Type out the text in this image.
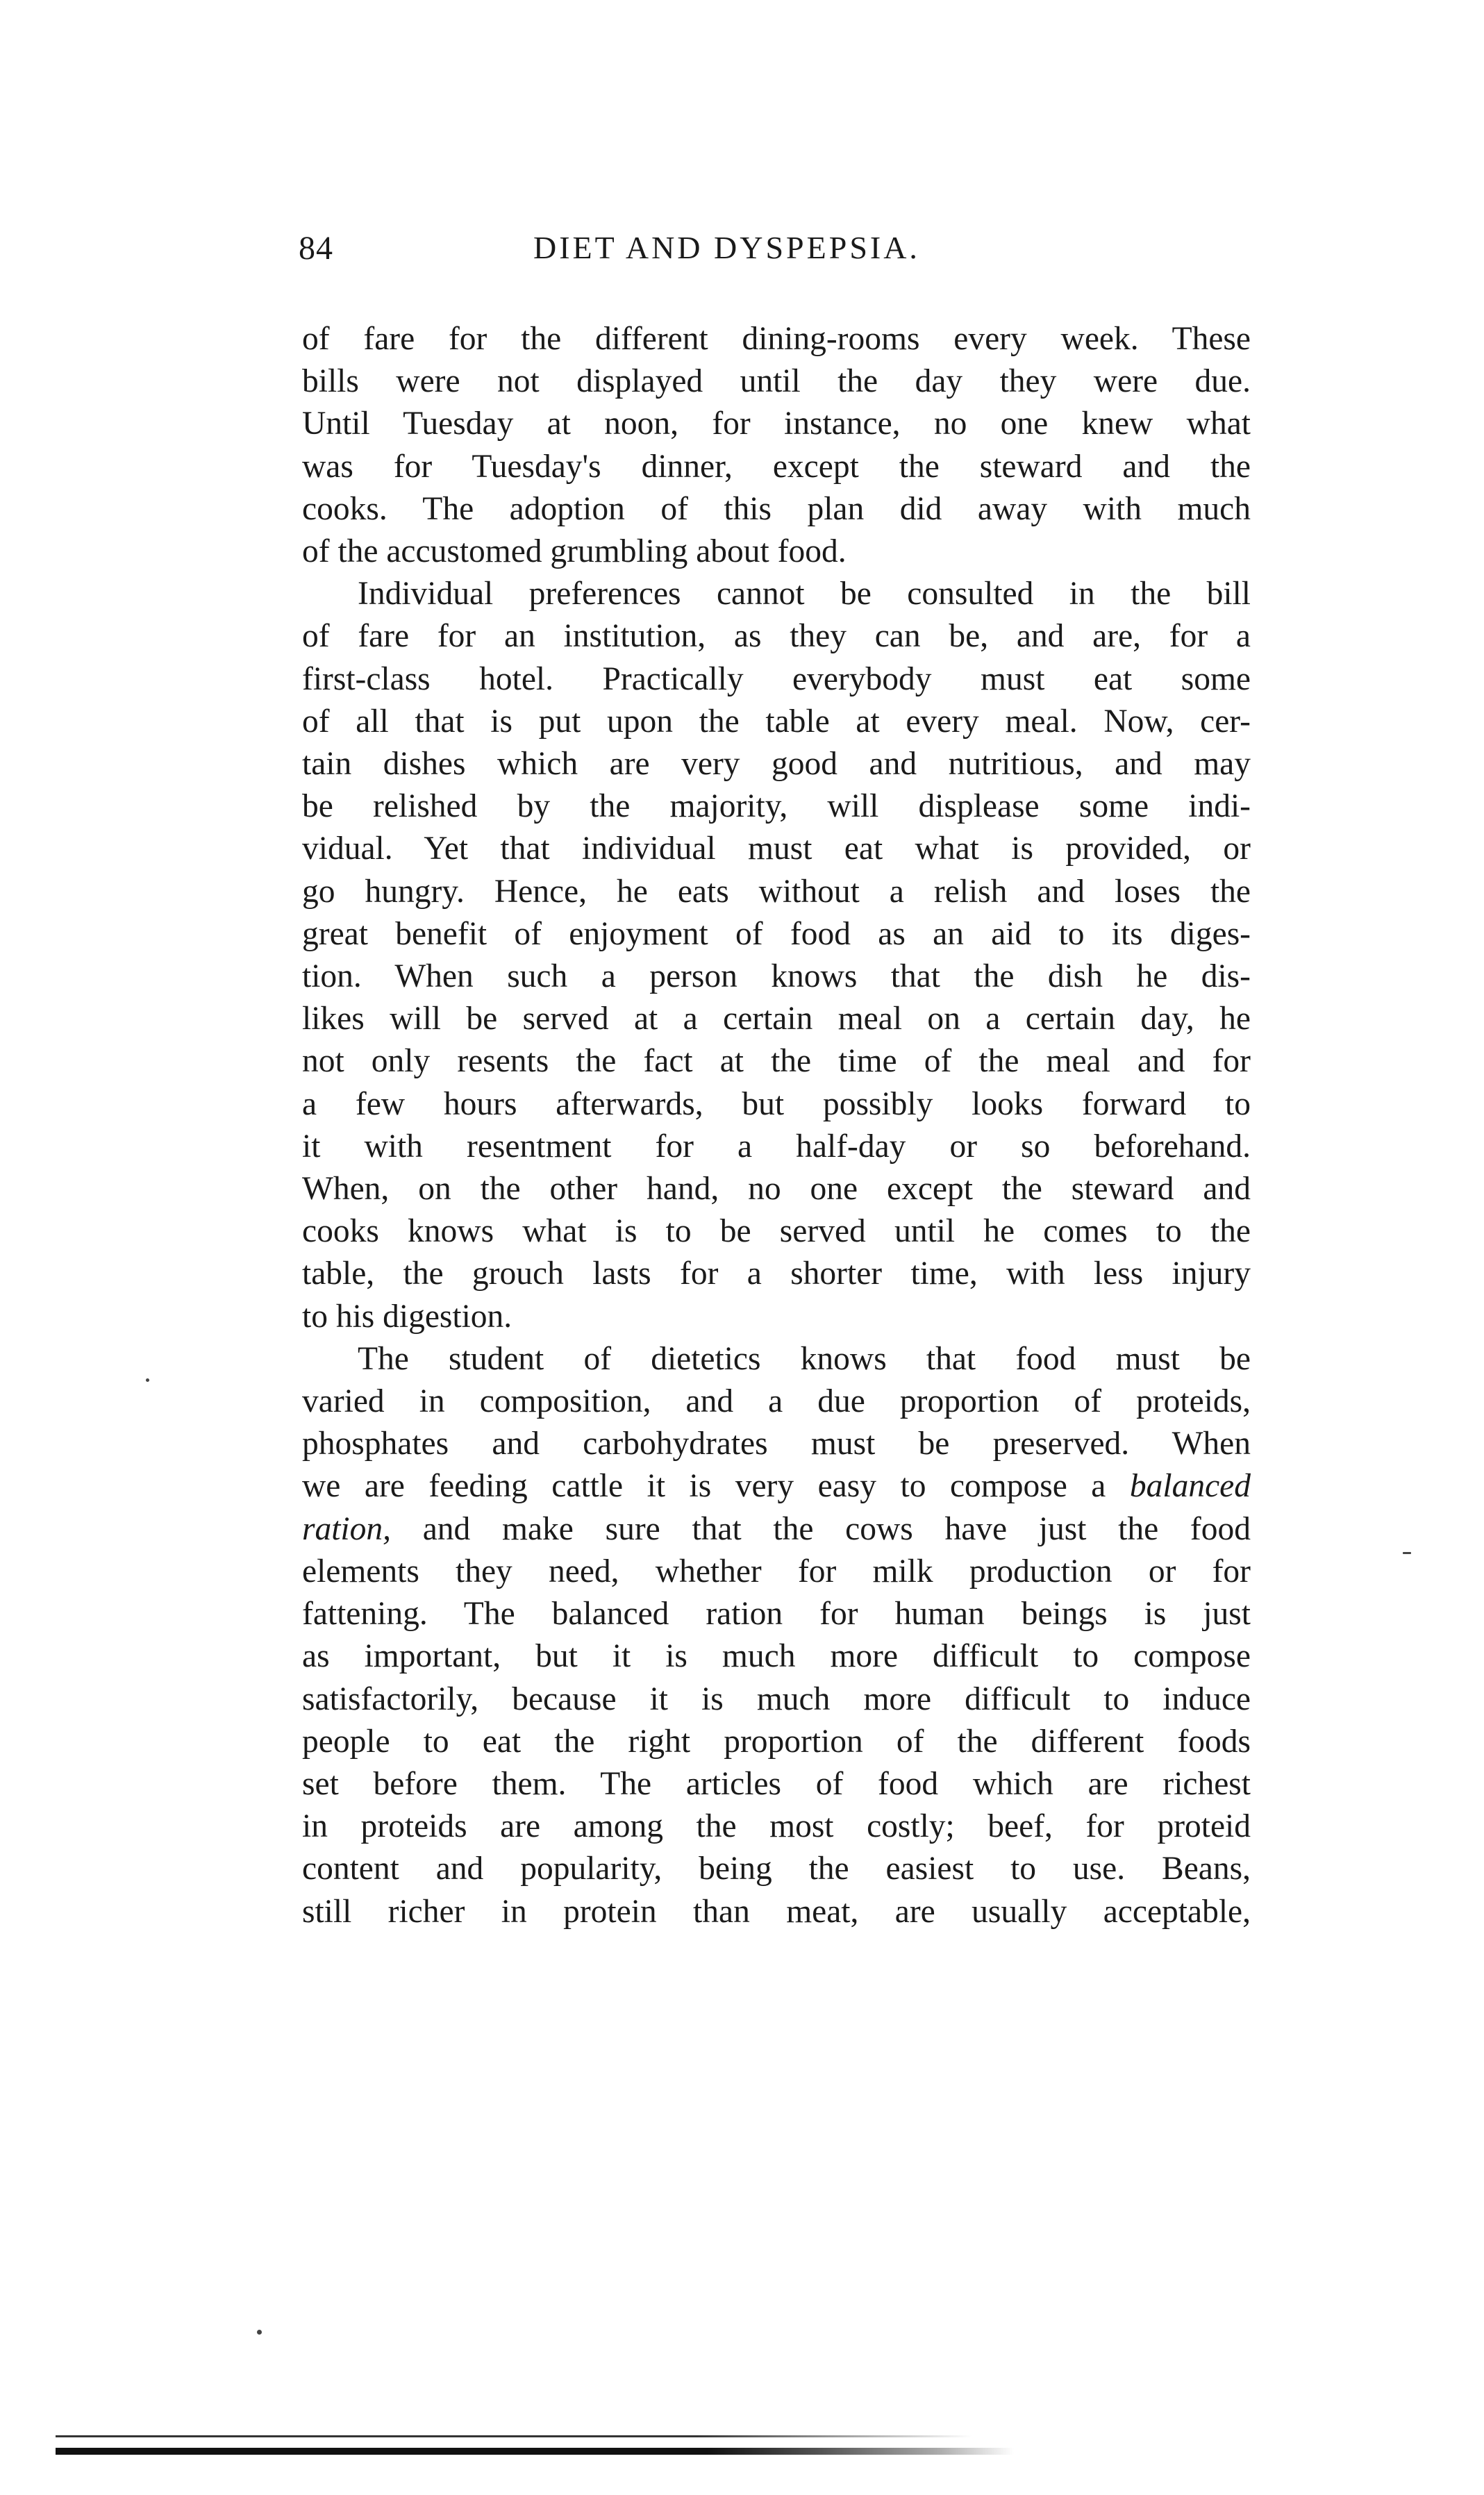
84	DIET AND DYSPEPSIA.
of fare for the different dining-rooms every week. These
bills were not displayed until the day they were due.
Until Tuesday at noon, for instance, no one knew what
was for Tuesday's dinner, except the steward and the
cooks. The adoption of this plan did away with much
of the accustomed grumbling about food.
Individual preferences cannot be consulted in the bill
of fare for an institution, as they can be, and are, for a
first-class hotel. Practically everybody must eat some
of all that is put upon the table at every meal. Now, cer-
tain dishes which are very good and nutritious, and may
be relished by the majority, will displease some indi-
vidual. Yet that individual must eat what is provided, or
go hungry. Hence, he eats without a relish and loses the
great benefit of enjoyment of food as an aid to its diges-
tion. When such a person knows that the dish he dis-
likes will be served at a certain meal on a certain day, he
not only resents the fact at the time of the meal and for
a few hours afterwards, but possibly looks forward to
it with resentment for a half-day or so beforehand.
When, on the other hand, no one except the steward and
cooks knows what is to be served until he comes to the
table, the grouch lasts for a shorter time, with less injury
to his digestion.
The student of dietetics knows that food must be
varied in composition, and a due proportion of proteids,
phosphates and carbohydrates must be preserved. When
we are feeding cattle it is very easy to compose a balanced
ration, and make sure that the cows have just the food
elements they need, whether for milk production or for
fattening. The balanced ration for human beings is just
as important, but it is much more difficult to compose
satisfactorily, because it is much more difficult to induce
people to eat the right proportion of the different foods
set before them. The articles of food which are richest
in proteids are among the most costly; beef, for proteid
content and popularity, being the easiest to use. Beans,
still richer in protein than meat, are usually acceptable,
